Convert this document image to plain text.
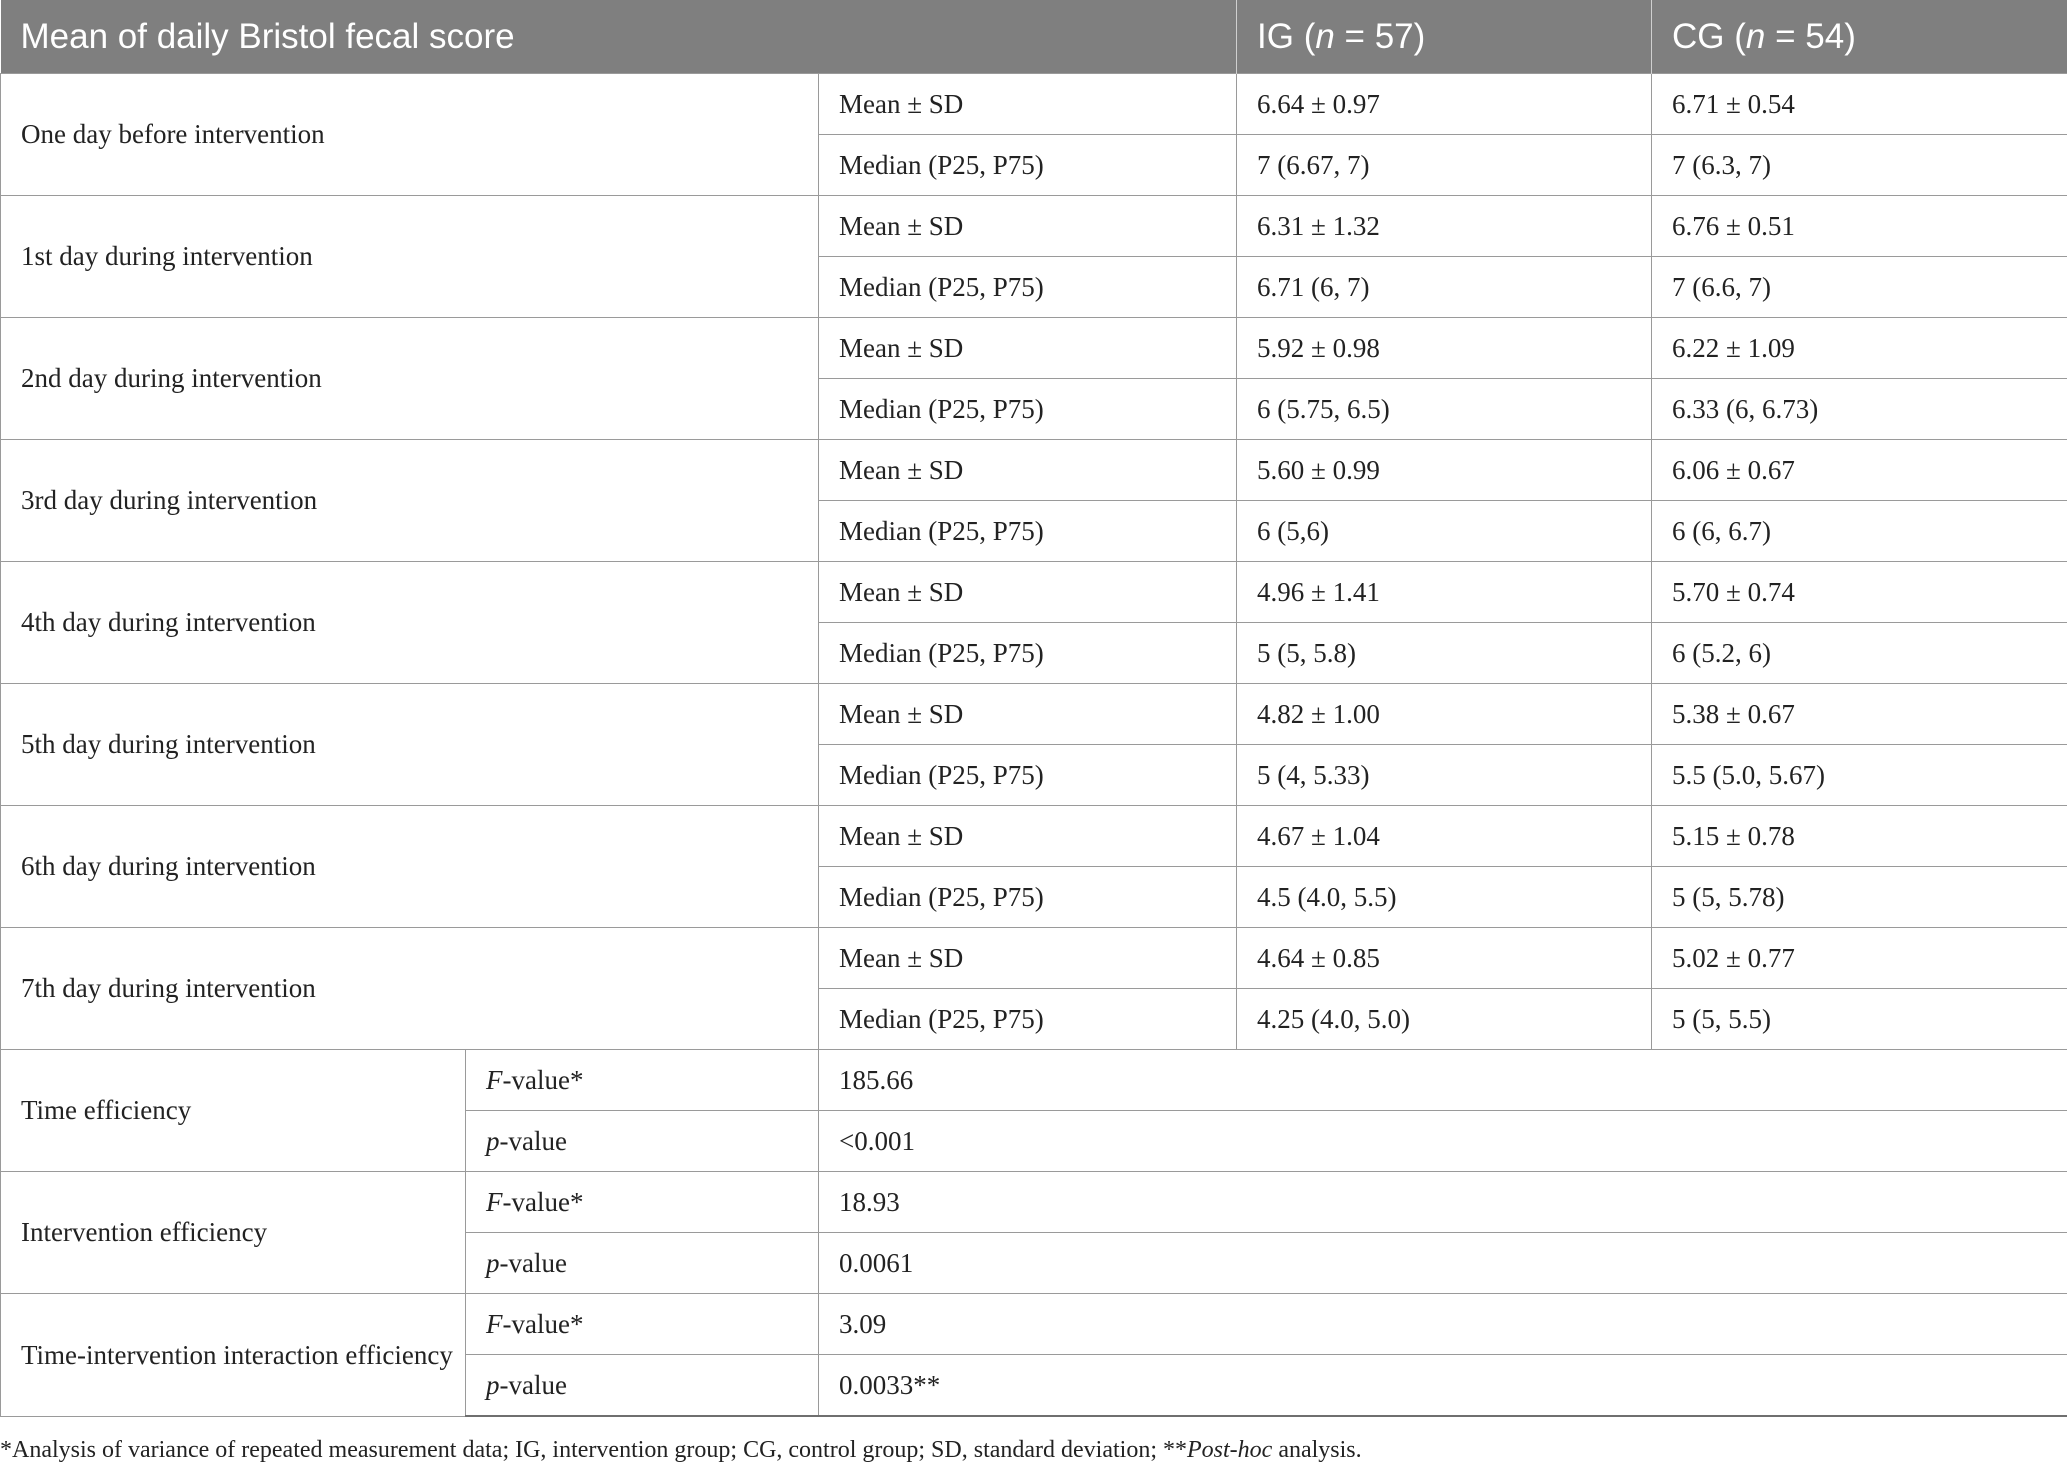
Mean of daily Bristol fecal score			IG (n = 57)	CG (n = 54)
One day before intervention		Mean ± SD	6.64 ± 0.97	6.71 ± 0.54
		Median (P25, P75)	7 (6.67, 7)	7 (6.3, 7)
1st day during intervention		Mean ± SD	6.31 ± 1.32	6.76 ± 0.51
		Median (P25, P75)	6.71 (6, 7)	7 (6.6, 7)
2nd day during intervention		Mean ± SD	5.92 ± 0.98	6.22 ± 1.09
		Median (P25, P75)	6 (5.75, 6.5)	6.33 (6, 6.73)
3rd day during intervention		Mean ± SD	5.60 ± 0.99	6.06 ± 0.67
		Median (P25, P75)	6 (5,6)	6 (6, 6.7)
4th day during intervention		Mean ± SD	4.96 ± 1.41	5.70 ± 0.74
		Median (P25, P75)	5 (5, 5.8)	6 (5.2, 6)
5th day during intervention		Mean ± SD	4.82 ± 1.00	5.38 ± 0.67
		Median (P25, P75)	5 (4, 5.33)	5.5 (5.0, 5.67)
6th day during intervention		Mean ± SD	4.67 ± 1.04	5.15 ± 0.78
		Median (P25, P75)	4.5 (4.0, 5.5)	5 (5, 5.78)
7th day during intervention		Mean ± SD	4.64 ± 0.85	5.02 ± 0.77
		Median (P25, P75)	4.25 (4.0, 5.0)	5 (5, 5.5)
Time efficiency	F-value*	185.66		
	p-value	<0.001		
Intervention efficiency	F-value*	18.93		
	p-value	0.0061		
Time-intervention interaction efficiency	F-value*	3.09		
	p-value	0.0033**		
*Analysis of variance of repeated measurement data; IG, intervention group; CG, control group; SD, standard deviation; **Post-hoc analysis.
